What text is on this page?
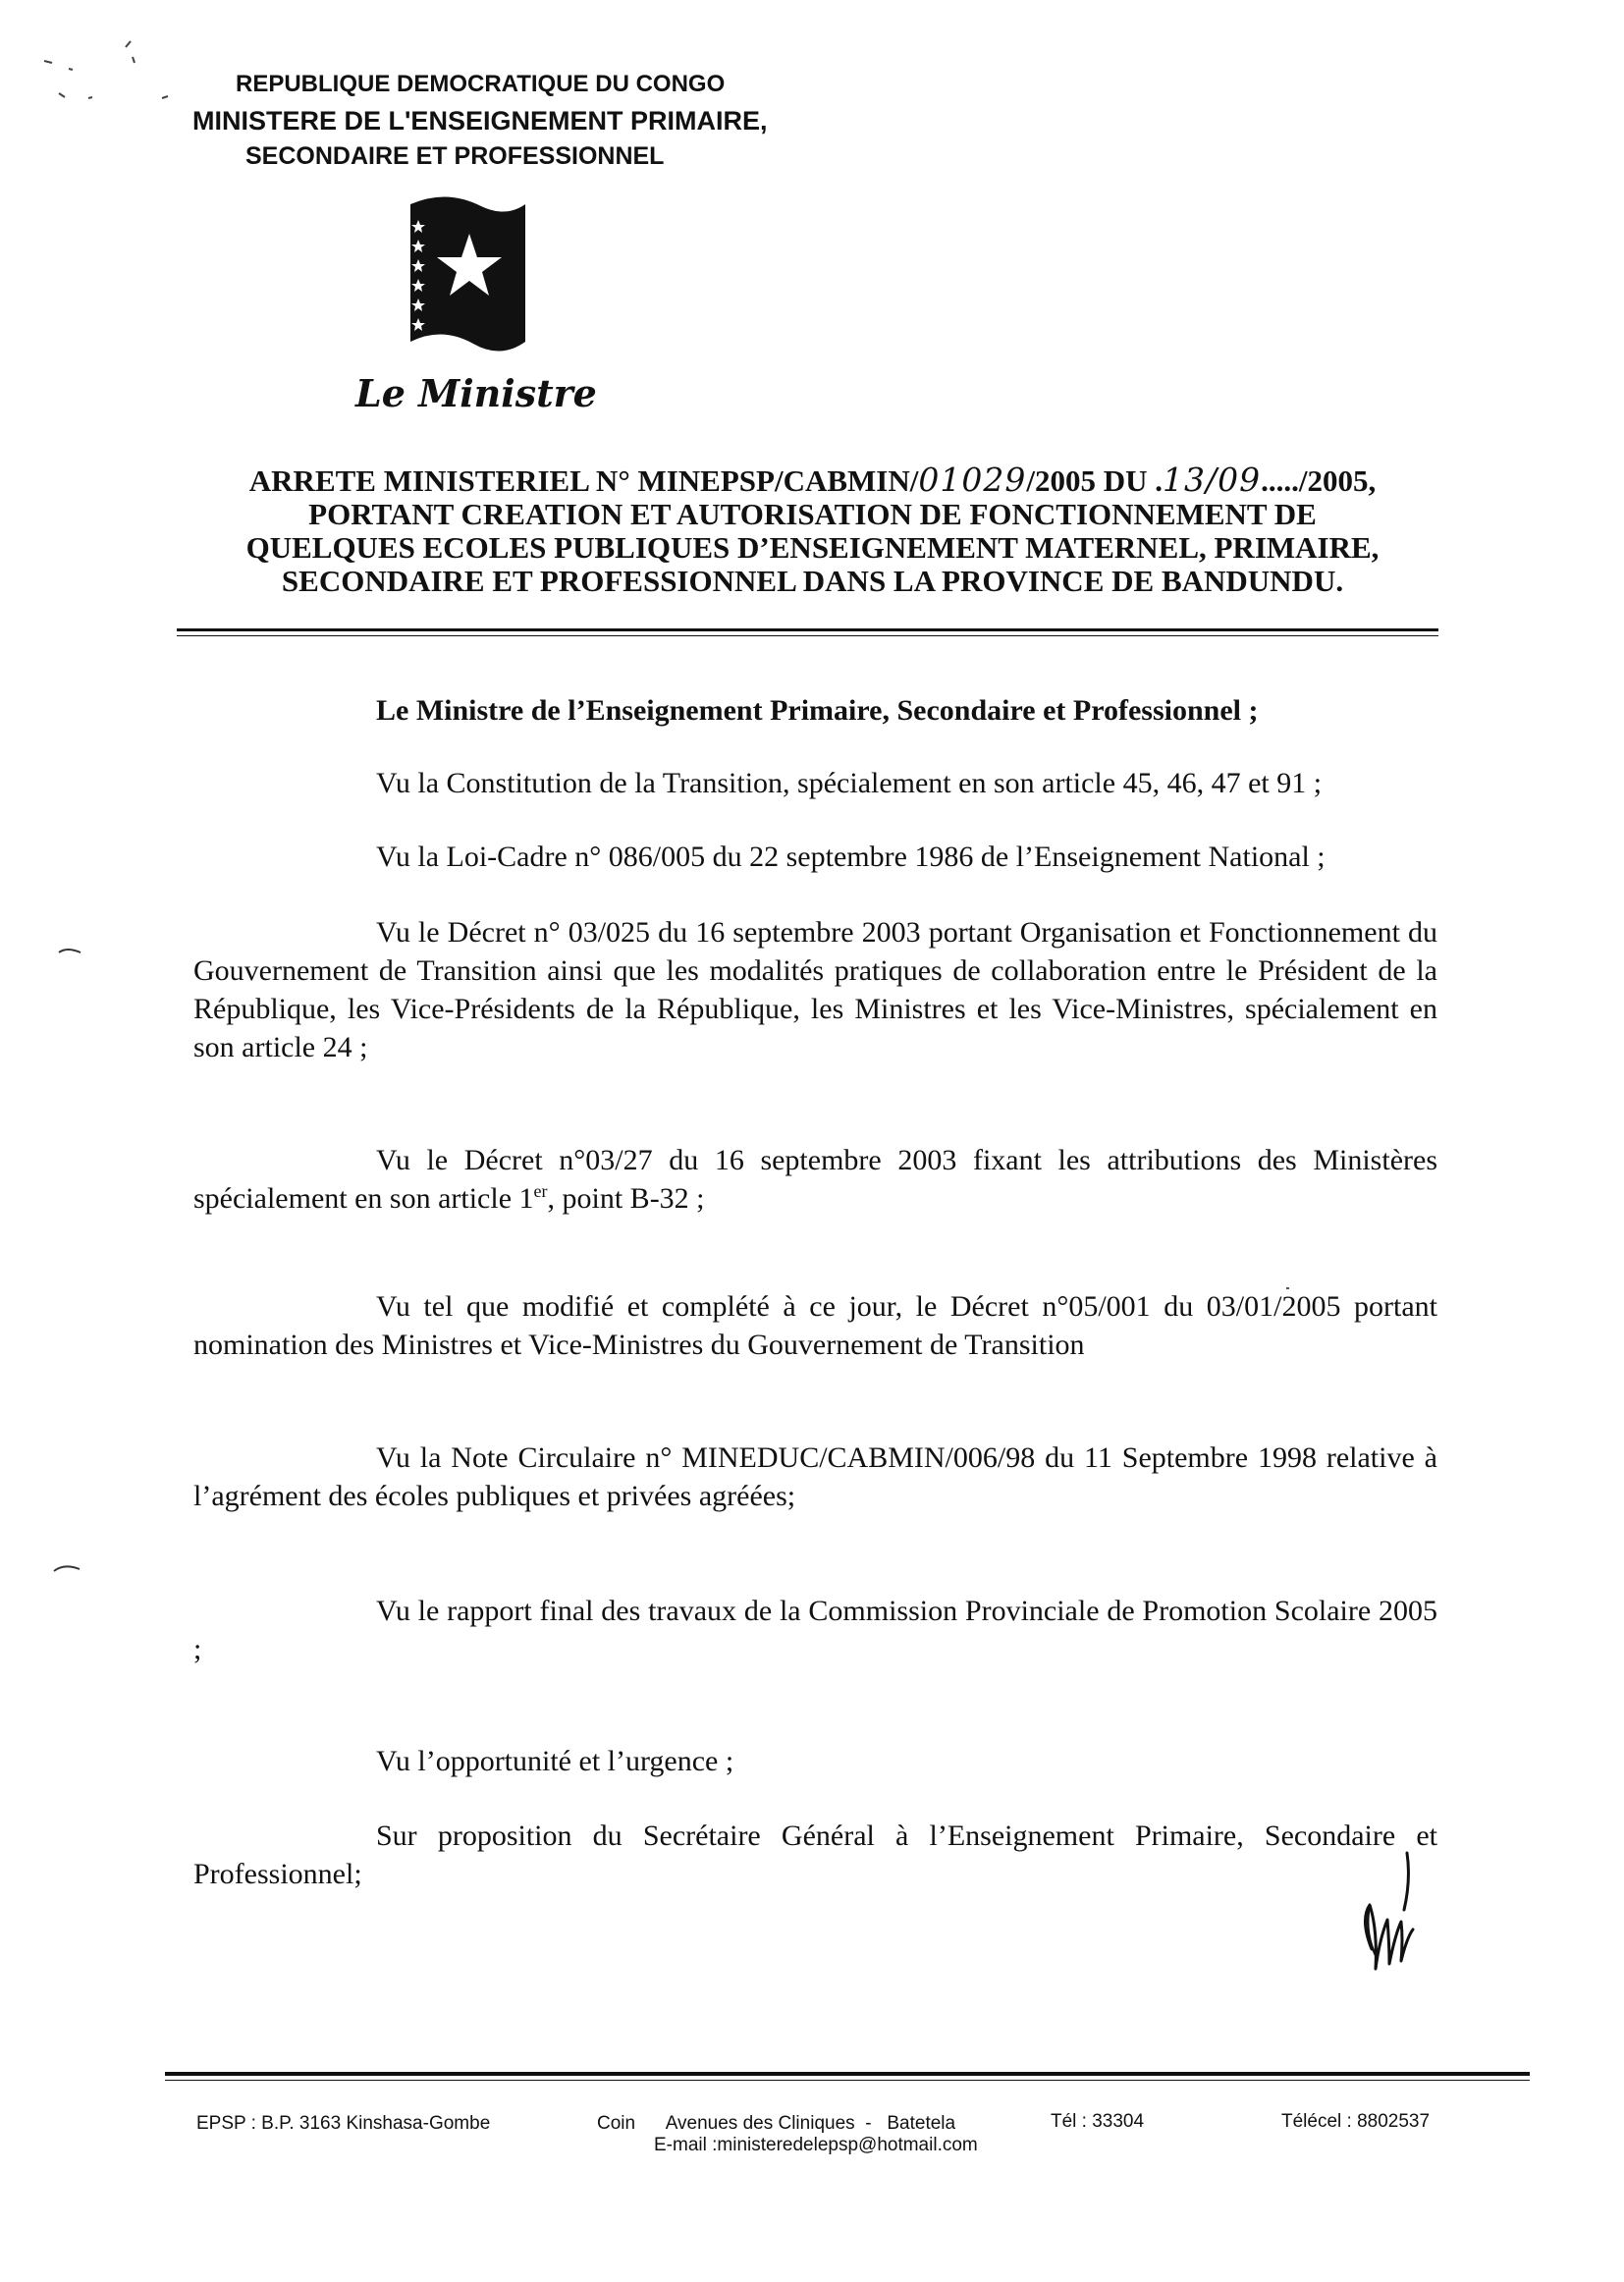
REPUBLIQUE DEMOCRATIQUE DU CONGO
MINISTERE DE L'ENSEIGNEMENT PRIMAIRE,
SECONDAIRE ET PROFESSIONNEL
Le Ministre
ARRETE MINISTERIEL N° MINEPSP/CABMIN/01029/2005 DU .13/09...../2005,
PORTANT CREATION ET AUTORISATION DE FONCTIONNEMENT DE
QUELQUES ECOLES PUBLIQUES D’ENSEIGNEMENT MATERNEL, PRIMAIRE,
SECONDAIRE ET PROFESSIONNEL DANS LA PROVINCE DE BANDUNDU.
Le Ministre de l’Enseignement Primaire, Secondaire et Professionnel ;
Vu la Constitution de la Transition, spécialement en son article 45, 46, 47 et 91 ;
Vu la Loi-Cadre n° 086/005 du 22 septembre 1986 de l’Enseignement National ;
Vu le Décret n° 03/025 du 16 septembre 2003 portant Organisation et Fonctionnement du Gouvernement de Transition ainsi que les modalités pratiques de collaboration entre le Président de la République, les Vice-Présidents de la République, les Ministres et les Vice-Ministres, spécialement en son article 24 ;
Vu le Décret n°03/27 du 16 septembre 2003 fixant les attributions des Ministères spécialement en son article 1er, point B-32 ;
Vu tel que modifié et complété à ce jour, le Décret n°05/001 du 03/01/2005 portant nomination des Ministres et Vice-Ministres du Gouvernement de Transition
Vu la Note Circulaire n° MINEDUC/CABMIN/006/98 du 11 Septembre 1998 relative à l’agrément des écoles publiques et privées agréées;
Vu le rapport final des travaux de la Commission Provinciale de Promotion Scolaire 2005 ;
Vu l’opportunité et l’urgence ;
Sur proposition du Secrétaire Général à l’Enseignement Primaire, Secondaire et Professionnel;
EPSP : B.P. 3163 Kinshasa-Gombe	Coin      Avenues des Cliniques  -   Batetela
E-mail :ministeredelepsp@hotmail.com
Tél : 33304	Télécel : 8802537
